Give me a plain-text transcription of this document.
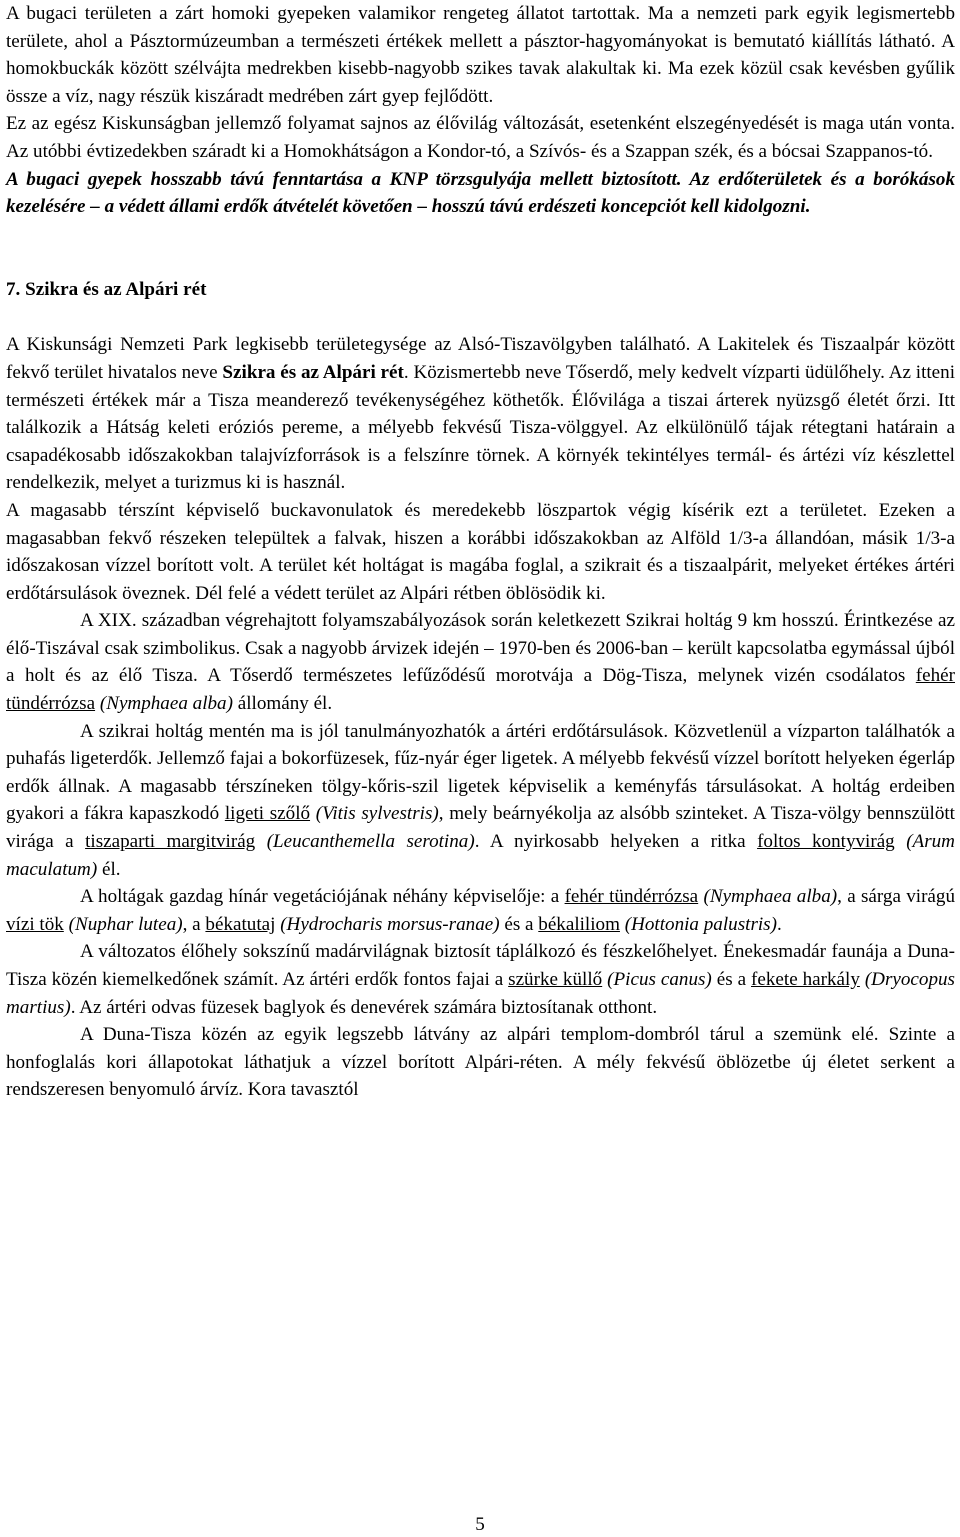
A bugaci területen a zárt homoki gyepeken valamikor rengeteg állatot tartottak. Ma a nemzeti park egyik legismertebb területe, ahol a Pásztormúzeumban a természeti értékek mellett a pásztor-hagyományokat is bemutató kiállítás látható. A homokbuckák között szélvájta medrekben kisebb-nagyobb szikes tavak alakultak ki. Ma ezek közül csak kevésben gyűlik össze a víz, nagy részük kiszáradt medrében zárt gyep fejlődött.

Ez az egész Kiskunságban jellemző folyamat sajnos az élővilág változását, esetenként elszegényedését is maga után vonta. Az utóbbi évtizedekben száradt ki a Homokhátságon a Kondor-tó, a Szívós- és a Szappan szék, és a bócsai Szappanos-tó.

A bugaci gyepek hosszabb távú fenntartása a KNP törzsgulyája mellett biztosított. Az erdőterületek és a borókások kezelésére – a védett állami erdők átvételét követően – hosszú távú erdészeti koncepciót kell kidolgozni.

7. Szikra és az Alpári rét

A Kiskunsági Nemzeti Park legkisebb területegysége az Alsó-Tiszavölgyben található. A Lakitelek és Tiszaalpár között fekvő terület hivatalos neve Szikra és az Alpári rét. Közismertebb neve Tőserdő, mely kedvelt vízparti üdülőhely. Az itteni természeti értékek már a Tisza meanderező tevékenységéhez köthetők. Élővilága a tiszai árterek nyüzsgő életét őrzi. Itt találkozik a Hátság keleti eróziós pereme, a mélyebb fekvésű Tisza-völggyel. Az elkülönülő tájak rétegtani határain a csapadékosabb időszakokban talajvízforrások is a felszínre törnek. A környék tekintélyes termál- és ártézi víz készlettel rendelkezik, melyet a turizmus ki is használ.

A magasabb térszínt képviselő buckavonulatok és meredekebb löszpartok végig kísérik ezt a területet. Ezeken a magasabban fekvő részeken települtek a falvak, hiszen a korábbi időszakokban az Alföld 1/3-a állandóan, másik 1/3-a időszakosan vízzel borított volt. A terület két holtágat is magába foglal, a szikrait és a tiszaalpárit, melyeket értékes ártéri erdőtársulások öveznek. Dél felé a védett terület az Alpári rétben öblösödik ki.

A XIX. században végrehajtott folyamszabályozások során keletkezett Szikrai holtág 9 km hosszú. Érintkezése az élő-Tiszával csak szimbolikus. Csak a nagyobb árvizek idején – 1970-ben és 2006-ban – került kapcsolatba egymással újból a holt és az élő Tisza. A Tőserdő természetes lefűződésű morotvája a Dög-Tisza, melynek vizén csodálatos fehér tündérrózsa (Nymphaea alba) állomány él.

A szikrai holtág mentén ma is jól tanulmányozhatók a ártéri erdőtársulások. Közvetlenül a vízparton találhatók a puhafás ligeterdők. Jellemző fajai a bokorfüzesek, fűz-nyár éger ligetek. A mélyebb fekvésű vízzel borított helyeken égerláp erdők állnak. A magasabb térszíneken tölgy-kőris-szil ligetek képviselik a keményfás társulásokat. A holtág erdeiben gyakori a fákra kapaszkodó ligeti szőlő (Vitis sylvestris), mely beárnyékolja az alsóbb szinteket. A Tisza-völgy bennszülött virága a tiszaparti margitvirág (Leucanthemella serotina). A nyirkosabb helyeken a ritka foltos kontyvirág (Arum maculatum) él.

A holtágak gazdag hínár vegetációjának néhány képviselője: a fehér tündérrózsa (Nymphaea alba), a sárga virágú vízi tök (Nuphar lutea), a békatutaj (Hydrocharis morsus-ranae) és a békaliliom (Hottonia palustris).

A változatos élőhely sokszínű madárvilágnak biztosít táplálkozó és fészkelőhelyet. Énekesmadár faunája a Duna-Tisza közén kiemelkedőnek számít. Az ártéri erdők fontos fajai a szürke küllő (Picus canus) és a fekete harkály (Dryocopus martius). Az ártéri odvas füzesek baglyok és denevérek számára biztosítanak otthont.

A Duna-Tisza közén az egyik legszebb látvány az alpári templom-dombról tárul a szemünk elé. Szinte a honfoglalás kori állapotokat láthatjuk a vízzel borított Alpári-réten. A mély fekvésű öblözetbe új életet serkent a rendszeresen benyomuló árvíz. Kora tavasztól

5
